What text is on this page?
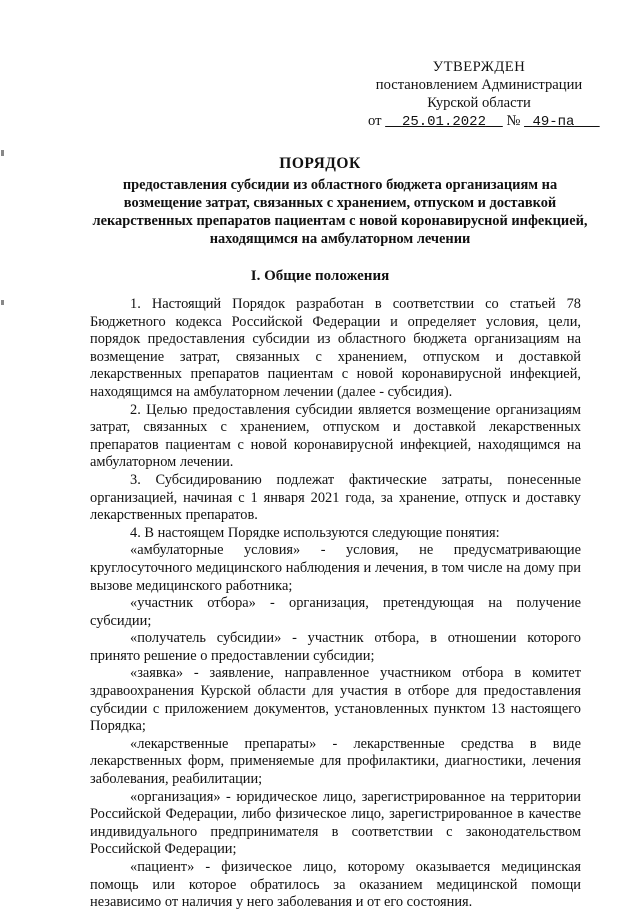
УТВЕРЖДЕН
постановлением Администрации
Курской области
от 25.01.2022 № 49-па
ПОРЯДОК
предоставления субсидии из областного бюджета организациям на возмещение затрат, связанных с хранением, отпуском и доставкой лекарственных препаратов пациентам с новой коронавирусной инфекцией, находящимся на амбулаторном лечении
I. Общие положения

1. Настоящий Порядок разработан в соответствии со статьей 78 Бюджетного кодекса Российской Федерации и определяет условия, цели, порядок предоставления субсидии из областного бюджета организациям на возмещение затрат, связанных с хранением, отпуском и доставкой лекарственных препаратов пациентам с новой коронавирусной инфекцией, находящимся на амбулаторном лечении (далее - субсидия).

2. Целью предоставления субсидии является возмещение организациям затрат, связанных с хранением, отпуском и доставкой лекарственных препаратов пациентам с новой коронавирусной инфекцией, находящимся на амбулаторном лечении.

3. Субсидированию подлежат фактические затраты, понесенные организацией, начиная с 1 января 2021 года, за хранение, отпуск и доставку лекарственных препаратов.

4. В настоящем Порядке используются следующие понятия:

«амбулаторные условия» - условия, не предусматривающие круглосуточного медицинского наблюдения и лечения, в том числе на дому при вызове медицинского работника;

«участник отбора» - организация, претендующая на получение субсидии;

«получатель субсидии» - участник отбора, в отношении которого принято решение о предоставлении субсидии;

«заявка» - заявление, направленное участником отбора в комитет здравоохранения Курской области для участия в отборе для предоставления субсидии с приложением документов, установленных пунктом 13 настоящего Порядка;

«лекарственные препараты» - лекарственные средства в виде лекарственных форм, применяемые для профилактики, диагностики, лечения заболевания, реабилитации;

«организация» - юридическое лицо, зарегистрированное на территории Российской Федерации, либо физическое лицо, зарегистрированное в качестве индивидуального предпринимателя в соответствии с законодательством Российской Федерации;

«пациент» - физическое лицо, которому оказывается медицинская помощь или которое обратилось за оказанием медицинской помощи независимо от наличия у него заболевания и от его состояния.
